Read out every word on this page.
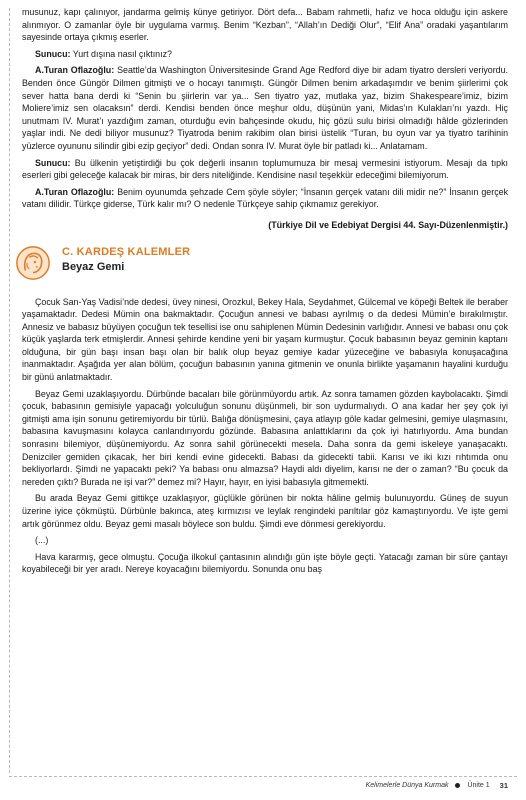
musunuz, kapı çalınıyor, jandarma gelmiş künye getiriyor. Dört defa... Babam rahmetli, hafız ve hoca olduğu için askere alınmıyor. O zamanlar öyle bir uygulama varmış. Benim “Kezban”, “Allah’ın Dediği Olur”, “Elif Ana” oradaki yaşantılarım sayesinde ortaya çıkmış eserler.

Sunucu: Yurt dışına nasıl çıktınız?

A.Turan Oflazoğlu: Seattle’da Washington Üniversitesinde Grand Age Redford diye bir adam tiyatro dersleri veriyordu. Benden önce Güngör Dilmen gitmişti ve o hocayı tanımıştı. Güngör Dilmen benim arkadaşımdır ve benim şiirlerimi çok sever hatta bana derdi ki “Senin bu şiirlerin var ya... Sen tiyatro yaz, mutlaka yaz, bizim Shakespeare’imiz, bizim Moliere’imiz sen olacaksın” derdi. Kendisi benden önce meşhur oldu, düşünün yani, Midas’ın Kulakları’nı yazdı. Hiç unutmam IV. Murat’ı yazdığım zaman, oturduğu evin bahçesinde okudu, hiç gözü sulu birisi olmadığı hâlde gözlerinden yaşlar indi. Ne dedi biliyor musunuz? Tiyatroda benim rakibim olan birisi üstelik “Turan, bu oyun var ya tiyatro tarihinin yüzlerce oyununu silindir gibi ezip geçiyor” dedi. Ondan sonra IV. Murat öyle bir patladı ki... Anlatamam.

Sunucu: Bu ülkenin yetiştirdiği bu çok değerli insanın toplumumuza bir mesaj vermesini istiyorum. Mesajı da tıpkı eserleri gibi geleceğe kalacak bir miras, bir ders niteliğinde. Kendisine nasıl teşekkür edeceğimi bilemiyorum.

A.Turan Oflazoğlu: Benim oyunumda şehzade Cem şöyle söyler; “İnsanın gerçek vatanı dili midir ne?” İnsanın gerçek vatanı dilidir. Türkçe giderse, Türk kalır mı? O nedenle Türkçeye sahip çıkmamız gerekiyor.

(Türkiye Dil ve Edebiyat Dergisi 44. Sayı-Düzenlenmiştir.)
C. KARDEŞ KALEMLER
Beyaz Gemi

Çocuk San-Yaş Vadisi’nde dedesi, üvey ninesi, Orozkul, Bekey Hala, Seydahmet, Gülcemal ve köpeği Beltek ile beraber yaşamaktadır. Dedesi Mümin ona bakmaktadır. Çocuğun annesi ve babası ayrılmış o da dedesi Mümin’e bırakılmıştır. Annesiz ve babasız büyüyen çocuğun tek tesellisi ise onu sahiplenen Mümin Dedesinin varlığıdır. Annesi ve babası onu çok küçük yaşlarda terk etmişlerdir. Annesi şehirde kendine yeni bir yaşam kurmuştur. Çocuk babasının beyaz geminin kaptanı olduğuna, bir gün başı insan başı olan bir balık olup beyaz gemiye kadar yüzeceğine ve babasıyla konuşacağına inanmaktadır. Aşağıda yer alan bölüm, çocuğun babasının yanına gitmenin ve onunla birlikte yaşamanın hayalini kurduğu bir günü anlatmaktadır.

Beyaz Gemi uzaklaşıyordu. Dürbünde bacaları bile görünmüyordu artık. Az sonra tamamen gözden kaybolacaktı. Şimdi çocuk, babasının gemisiyle yapacağı yolculuğun sonunu düşünmeli, bir son uydurmalıydı. O ana kadar her şey çok iyi gitmişti ama işin sonunu getiremiyordu bir türlü. Balığa dönüşmesini, çaya atlayıp göle kadar gelmesini, gemiye ulaşmasını, babasına kavuşmasını kolayca canlandırıyordu gözünde. Babasına anlattıklarını da çok iyi hatırlıyordu. Ama bundan sonrasını bilemiyor, düşünemiyordu. Az sonra sahil görünecekti mesela. Daha sonra da gemi iskeleye yanaşacaktı. Denizciler gemiden çıkacak, her biri kendi evine gidecekti. Babası da gidecekti tabii. Karısı ve iki kızı rıhtımda onu bekliyorlardı. Şimdi ne yapacaktı peki? Ya babası onu almazsa? Haydi aldı diyelim, karısı ne der o zaman? “Bu çocuk da nereden çıktı? Burada ne işi var?” demez mi? Hayır, hayır, en iyisi babasıyla gitmemekti.

Bu arada Beyaz Gemi gittikçe uzaklaşıyor, güçlükle görünen bir nokta hâline gelmiş bulunuyordu. Güneş de suyun üzerine iyice çökmüştü. Dürbünle bakınca, ateş kırmızısı ve leylak rengindeki parıltılar göz kamaştırıyordu. Ve işte gemi artık görünmez oldu. Beyaz gemi masalı böylece son buldu. Şimdi eve dönmesi gerekiyordu.

(...)

Hava kararmış, gece olmuştu. Çocuğa ilkokul çantasının alındığı gün işte böyle geçti. Yatacağı zaman bir süre çantayı koyabileceği bir yer aradı. Nereye koyacağını bilemiyordu. Sonunda onu baş

Kelimelerle Dünya Kurmak	Ünite 1 31
